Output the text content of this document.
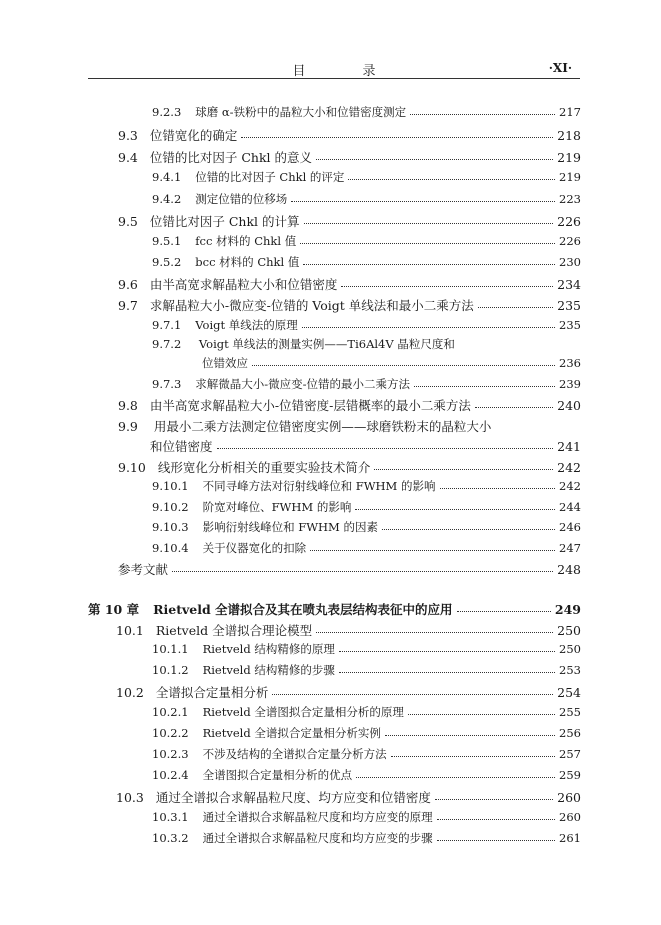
目　录	·XI·
9.2.3 球磨 α-铁粉中的晶粒大小和位错密度测定	217
9.3 位错宽化的确定	218
9.4 位错的比对因子 Chkl 的意义	219
9.4.1 位错的比对因子 Chkl 的评定	219
9.4.2 测定位错的位移场	223
9.5 位错比对因子 Chkl 的计算	226
9.5.1 fcc 材料的 Chkl 值	226
9.5.2 bcc 材料的 Chkl 值	230
9.6 由半高宽求解晶粒大小和位错密度	234
9.7 求解晶粒大小-微应变-位错的 Voigt 单线法和最小二乘方法	235
9.7.1 Voigt 单线法的原理	235
9.7.2 Voigt 单线法的测量实例——Ti6Al4V 晶粒尺度和
位错效应	236
9.7.3 求解微晶大小-微应变-位错的最小二乘方法	239
9.8 由半高宽求解晶粒大小-位错密度-层错概率的最小二乘方法	240
9.9 用最小二乘方法测定位错密度实例——球磨铁粉末的晶粒大小
和位错密度	241
9.10 线形宽化分析相关的重要实验技术简介	242
9.10.1 不同寻峰方法对衍射线峰位和 FWHM 的影响	242
9.10.2 阶宽对峰位、FWHM 的影响	244
9.10.3 影响衍射线峰位和 FWHM 的因素	246
9.10.4 关于仪器宽化的扣除	247
参考文献	248
第 10 章 Rietveld 全谱拟合及其在喷丸表层结构表征中的应用	249
10.1 Rietveld 全谱拟合理论模型	250
10.1.1 Rietveld 结构精修的原理	250
10.1.2 Rietveld 结构精修的步骤	253
10.2 全谱拟合定量相分析	254
10.2.1 Rietveld 全谱图拟合定量相分析的原理	255
10.2.2 Rietveld 全谱拟合定量相分析实例	256
10.2.3 不涉及结构的全谱拟合定量分析方法	257
10.2.4 全谱图拟合定量相分析的优点	259
10.3 通过全谱拟合求解晶粒尺度、均方应变和位错密度	260
10.3.1 通过全谱拟合求解晶粒尺度和均方应变的原理	260
10.3.2 通过全谱拟合求解晶粒尺度和均方应变的步骤	261
